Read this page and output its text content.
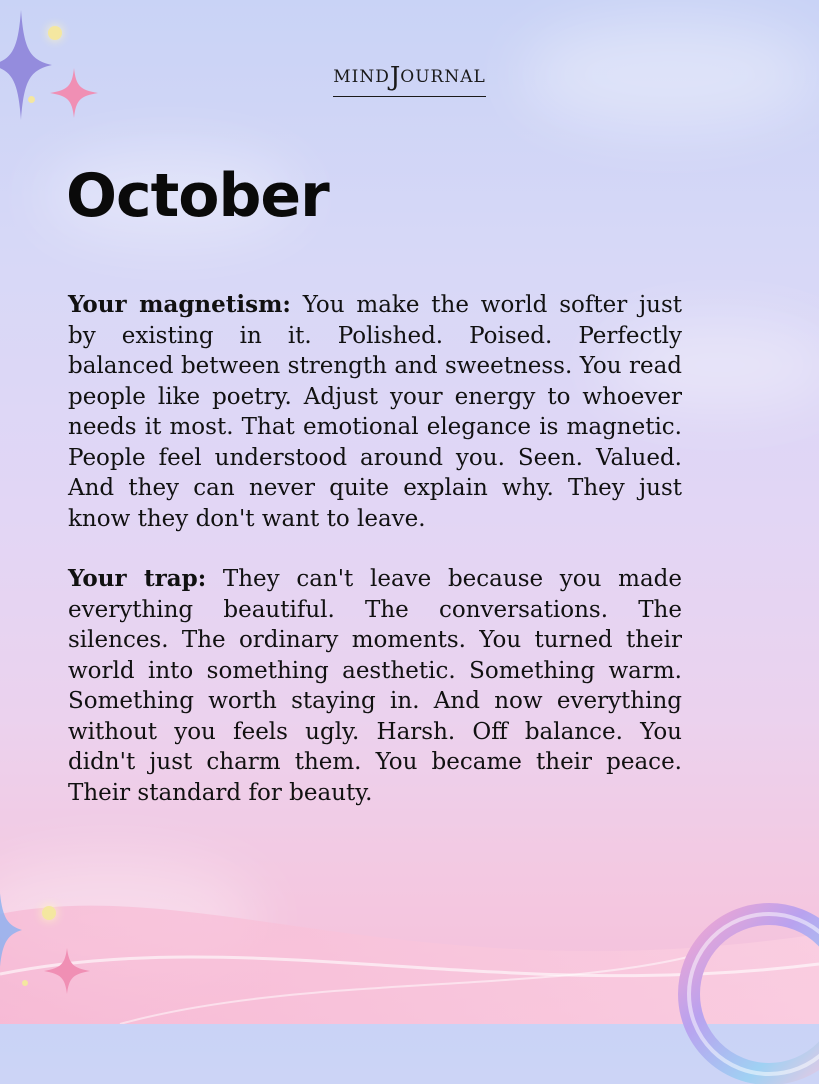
MINDJOURNAL
October

Your magnetism: You make the world softer just by existing in it. Polished. Poised. Perfectly balanced between strength and sweetness. You read people like poetry. Adjust your energy to whoever needs it most. That emotional elegance is magnetic. People feel understood around you. Seen. Valued. And they can never quite explain why. They just know they don't want to leave.

Your trap: They can't leave because you made everything beautiful. The conversations. The silences. The ordinary moments. You turned their world into something aesthetic. Something warm. Something worth staying in. And now everything without you feels ugly. Harsh. Off balance. You didn't just charm them. You became their peace. Their standard for beauty.
